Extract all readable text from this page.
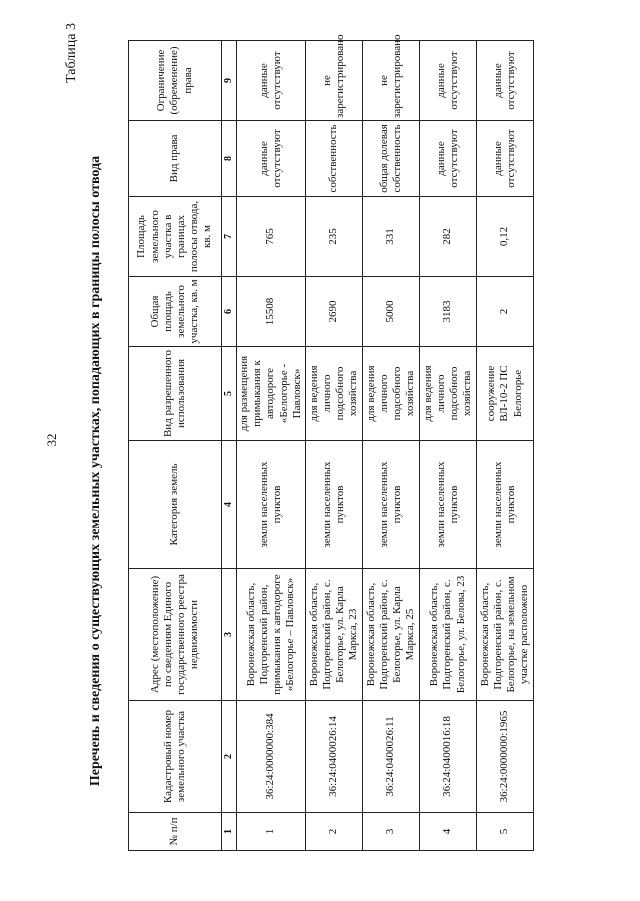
32
Таблица 3
Перечень и сведения о существующих земельных участках, попадающих в границы полосы отвода
№ п/п	Кадастровый номер земельного участка	Адрес (местоположение) по сведениям Единого государственного реестра недвижимости	Категория земель	Вид разрешенного использования	Общая площадь земельного участка, кв. м	Площадь земельного участка в границах полосы отвода, кв. м	Вид права	Ограничение (обременение) права
1	2	3	4	5	6	7	8	9
1	36:24:0000000:384	Воронежская область, Подгоренский район, примыкания к автодороге «Белогорье – Павловск»	земли населенных пунктов	для размещения примыкания к автодороге «Белогорье - Павловск»	15508	765	данные отсутствуют	данные отсутствуют
2	36:24:0400026:14	Воронежская область, Подгоренский район, с. Белогорье, ул. Карла Маркса, 23	земли населенных пунктов	для ведения личного подсобного хозяйства	2690	235	собственность	не зарегистрировано
3	36:24:0400026:11	Воронежская область, Подгоренский район, с. Белогорье, ул. Карла Маркса, 25	земли населенных пунктов	для ведения личного подсобного хозяйства	5000	331	общая долевая собственность	не зарегистрировано
4	36:24:0400016:18	Воронежская область, Подгоренский район, с. Белогорье, ул. Белова, 23	земли населенных пунктов	для ведения личного подсобного хозяйства	3183	282	данные отсутствуют	данные отсутствуют
5	36:24:0000000:1965	Воронежская область, Подгоренский район, с. Белогорье, на земельном участке расположено	земли населенных пунктов	сооружение ВЛ-10-2 ПС Белогорье	2	0,12	данные отсутствуют	данные отсутствуют
